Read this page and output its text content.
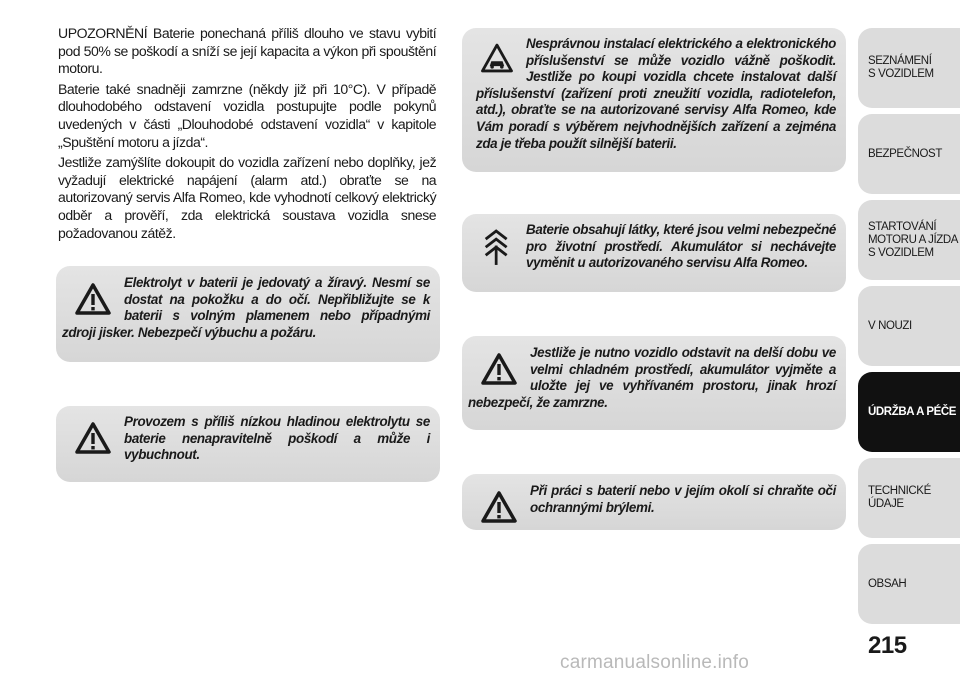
UPOZORNĚNÍ Baterie ponechaná příliš dlouho ve stavu vybití pod 50% se poškodí a sníží se její kapacita a výkon při spouštění motoru.

Baterie také snadněji zamrzne (někdy již při 10°C). V případě dlouhodobého odstavení vozidla postupujte podle pokynů uvedených v části „Dlouhodobé odstavení vozidla“ v kapitole „Spuštění motoru a jízda“.

Jestliže zamýšlíte dokoupit do vozidla zařízení nebo doplňky, jež vyžadují elektrické napájení (alarm atd.) obraťte se na autorizovaný servis Alfa Romeo, kde vyhodnotí celkový elektrický odběr a prověří, zda elektrická soustava vozidla snese požadovanou zátěž.

Elektrolyt v baterii je jedovatý a žíravý. Nesmí se dostat na pokožku a do očí. Nepřibližujte se k baterii s volným plamenem nebo případnými zdroji jisker. Nebezpečí výbuchu a požáru.

Provozem s příliš nízkou hladinou elektrolytu se baterie nenapravitelně poškodí a může i vybuchnout.

Nesprávnou instalací elektrického a elektronického příslušenství se může vozidlo vážně poškodit. Jestliže po koupi vozidla chcete instalovat další příslušenství (zařízení proti zneužití vozidla, radiotelefon, atd.), obraťte se na autorizované servisy Alfa Romeo, kde Vám poradí s výběrem nejvhodnějších zařízení a zejména zda je třeba použít silnější baterii.

Baterie obsahují látky, které jsou velmi nebezpečné pro životní prostředí. Akumulátor si nechávejte vyměnit u autorizovaného servisu Alfa Romeo.

Jestliže je nutno vozidlo odstavit na delší dobu ve velmi chladném prostředí, akumulátor vyjměte a uložte jej ve vyhřívaném prostoru, jinak hrozí nebezpečí, že zamrzne.

Při práci s baterií nebo v jejím okolí si chraňte oči ochrannými brýlemi.

SEZNÁMENÍ
S VOZIDLEM
BEZPEČNOST
STARTOVÁNÍ
MOTORU A JÍZDA
S VOZIDLEM
V NOUZI
ÚDRŽBA A PÉČE
TECHNICKÉ
ÚDAJE
OBSAH
215
carmanualsonline.info
